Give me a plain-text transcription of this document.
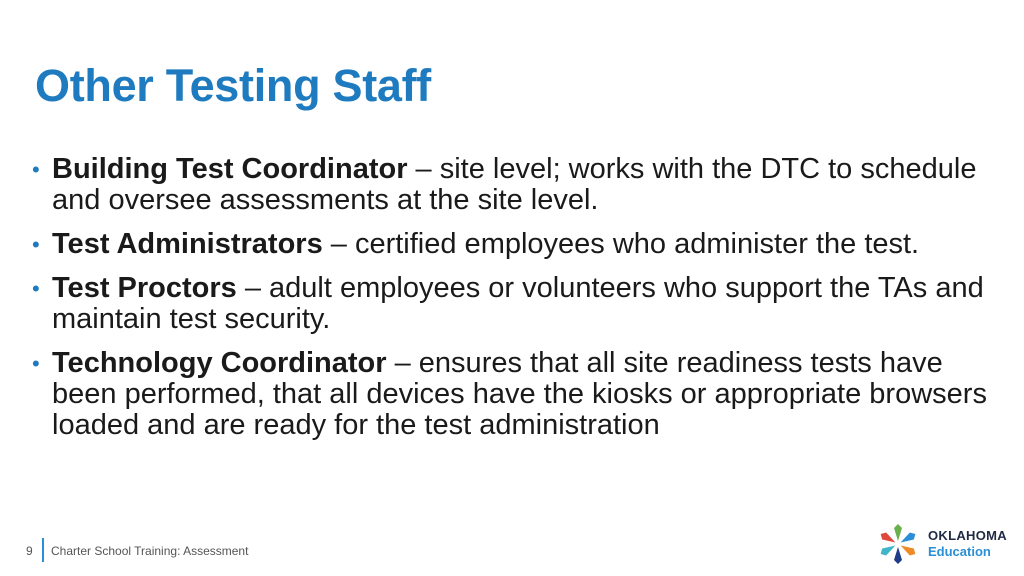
Other Testing Staff
• Building Test Coordinator – site level; works with the DTC to schedule and oversee assessments at the site level.
• Test Administrators – certified employees who administer the test.
• Test Proctors – adult employees or volunteers who support the TAs and maintain test security.
• Technology Coordinator – ensures that all site readiness tests have been performed, that all devices have the kiosks or appropriate browsers loaded and are ready for the test administration
9 Charter School Training: Assessment
OKLAHOMA
Education
